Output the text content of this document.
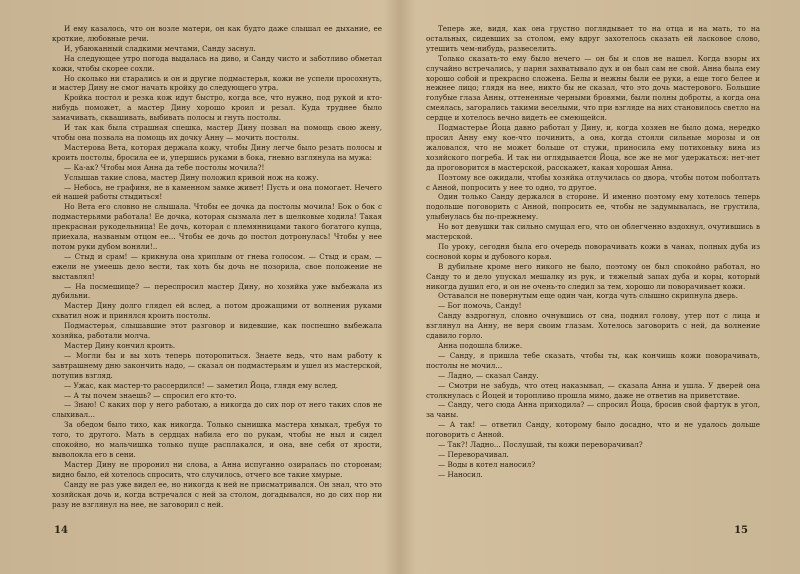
И ему казалось, что он возле матери, он как будто даже слышал ее дыхание, ее кроткие, любовные речи.

И, убаюканный сладкими мечтами, Санду заснул.

На следующее утро погода выдалась на диво, и Санду чисто и заботливо обметал кожи, чтобы скорее сохли.

Но сколько ни старались и он и другие подмастерья, кожи не успели просохнуть, и мастер Дину не смог начать кройку до следующего утра.

Кройка постол и резка кож идут быстро, когда все, что нужно, под рукой и кто-нибудь поможет, а мастер Дину хорошо кроил и резал. Куда труднее было замачивать, сквашивать, выбивать полосы и гнуть постолы.

И так как была страшная спешка, мастер Дину позвал на помощь свою жену, чтобы она позвала на помощь их дочку Анну — мочить постолы.

Мастерова Вета, которая держала кожу, чтобы Дину легче было резать полосы и кроить постолы, бросила ее и, упершись руками в бока, гневно взглянула на мужа:

— Ка-ак? Чтобы моя Анна да тебе постолы мочила?!

Услышав такие слова, мастер Дину положил кривой нож на кожу.

— Небось, не графиня, не в каменном замке живет! Пусть и она помогает. Нечего ей нашей работы стыдиться!

Но Вета его словно не слышала. Чтобы ее дочка да постолы мочила! Бок о бок с подмастерьями работала! Ее дочка, которая сызмала лет в шелковые ходила! Такая прекрасная рукодельница! Ее дочь, которая с племянницами такого богатого купца, приехала, названым отцом ее... Чтобы ее дочь до постол дотронулась! Чтобы у нее потом руки дубом воняли!..

— Стыд и срам! — крикнула она хриплым от гнева голосом. — Стыд и срам, — ежели не умеешь дело вести, так хоть бы дочь не позорила, свое положение не выставлял!

— На посмешище? — переспросил мастер Дину, но хозяйка уже выбежала из дубильни.

Мастер Дину долго глядел ей вслед, а потом дрожащими от волнения руками схватил нож и принялся кроить постолы.

Подмастерья, слышавшие этот разговор и видевшие, как поспешно выбежала хозяйка, работали молча.

Мастер Дину кончил кроить.

— Могли бы и вы хоть теперь поторопиться. Знаете ведь, что нам работу к завтрашнему дню закончить надо, — сказал он подмастерьям и ушел из мастерской, потупив взгляд.

— Ужас, как мастер-то рассердился! — заметил Йоца, глядя ему вслед.

— А ты почем знаешь? — спросил его кто-то.

— Знаю! С каких пор у него работаю, а никогда до сих пор от него таких слов не слыхивал...

За обедом было тихо, как никогда. Только сынишка мастера хныкал, требуя то того, то другого. Мать в сердцах набила его по рукам, чтобы не ныл и сидел спокойно, но мальчишка только пуще расплакался, и она, вне себя от ярости, выволокла его в сени.

Мастер Дину не проронил ни слова, а Анна испуганно озиралась по сторонам; видно было, ей хотелось спросить, что случилось, отчего все такие хмурые.

Санду не раз уже видел ее, но никогда к ней не присматривался. Он знал, что это хозяйская дочь и, когда встречался с ней за столом, догадывался, но до сих пор ни разу не взглянул на нее, не заговорил с ней.

14

Теперь же, видя, как она грустно поглядывает то на отца и на мать, то на остальных, сидевших за столом, ему вдруг захотелось сказать ей ласковое слово, утешить чем-нибудь, развеселить.

Только сказать-то ему было нечего — он бы и слов не нашел. Когда взоры их случайно встречались, у парня захватывало дух и он был сам не свой. Анна была ему хорошо собой и прекрасно сложена. Белы и нежны были ее руки, а еще того белее и нежнее лицо; глядя на нее, никто бы не сказал, что это дочь мастерового. Большие голубые глаза Анны, оттененные черными бровями, были полны доброты, а когда она смеялась, загорались такими веселыми, что при взгляде на них становилось светло на сердце и хотелось вечно видеть ее смеющейся.

Подмастерье Йоца давно работал у Дину, и, когда хозяев не было дома, нередко просил Анну ему кое-что починить, а она, когда стояли сильные морозы и он жаловался, что не может больше от стужи, приносила ему потихоньку вина из хозяйского погреба. И так ни оглядывается Йоца, все же не мог удержаться: нет-нет да проговорится в мастерской, расскажет, какая хорошая Анна.

Поэтому все ожидали, чтобы хозяйка отлучилась со двора, чтобы потом поболтать с Анной, попросить у нее то одно, то другое.

Один только Санду держался в стороне. И именно поэтому ему хотелось теперь подольше поговорить с Анной, попросить ее, чтобы не задумывалась, не грустила, улыбнулась бы по-прежнему.

Но вот девушки так сильно смущал его, что он облегченно вздохнул, очутившись в мастерской.

По уроку, сегодня была его очередь поворачивать кожи в чанах, полных дуба из сосновой коры и дубового корья.

В дубильне кроме него никого не было, поэтому он был спокойно работал, но Санду то и дело упускал мешалку из рук, и тяжелый запах дуба и коры, который никогда душил его, и он не очень-то следил за тем, хорошо ли поворачивает кожи.

Оставался не повернутым еще один чан, когда чуть слышно скрипнула дверь.

— Бог помочь, Санду!

Санду вздрогнул, словно очнувшись от сна, поднял голову, утер пот с лица и взглянул на Анну, не веря своим глазам. Хотелось заговорить с ней, да волнение сдавило горло.

Анна подошла ближе.

— Санду, я пришла тебе сказать, чтобы ты, как кончишь кожи поворачивать, постолы не мочил...

— Ладно, — сказал Санду.

— Смотри не забудь, что отец наказывал, — сказала Анна и ушла. У дверей она столкнулась с Йоцей и торопливо прошла мимо, даже не ответив на приветствие.

— Санду, чего сюда Анна приходила? — спросил Йоца, бросив свой фартук в угол, за чаны.

— А так! — ответил Санду, которому было досадно, что и не удалось дольше поговорить с Анной.

— Так?! Ладно... Послушай, ты кожи переворачивал?

— Переворачивал.

— Воды в котел наносил?

— Наносил.

15
